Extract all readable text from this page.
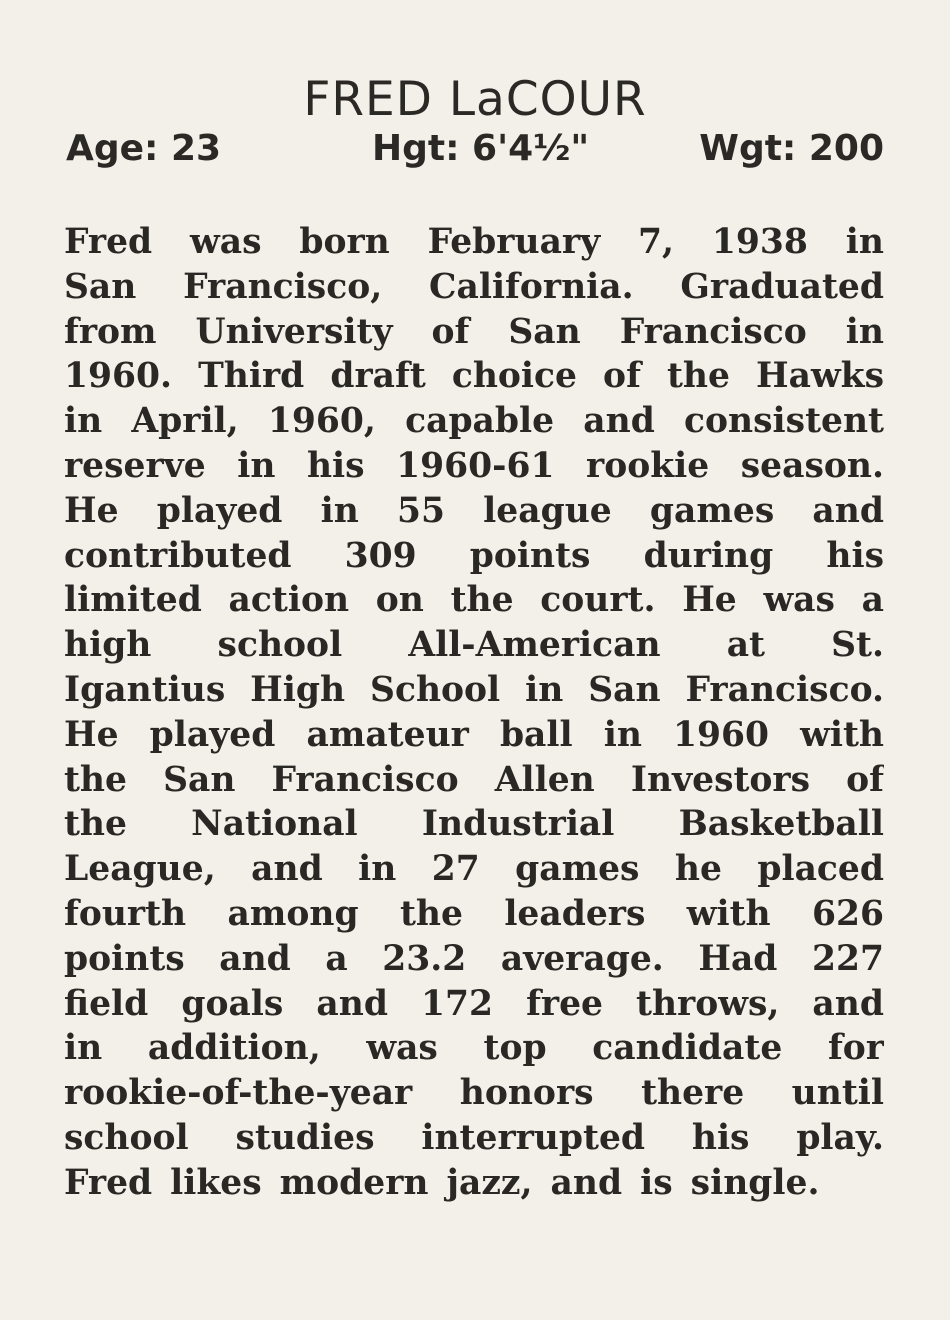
FRED LaCOUR
Age: 23	Hgt: 6'4½"	Wgt: 200
Fred was born February 7, 1938 in
San Francisco, California. Graduated
from University of San Francisco in
1960. Third draft choice of the Hawks
in April, 1960, capable and consistent
reserve in his 1960-61 rookie season.
He played in 55 league games and
contributed 309 points during his
limited action on the court. He was a
high school All-American at St.
Igantius High School in San Francisco.
He played amateur ball in 1960 with
the San Francisco Allen Investors of
the National Industrial Basketball
League, and in 27 games he placed
fourth among the leaders with 626
points and a 23.2 average. Had 227
field goals and 172 free throws, and
in addition, was top candidate for
rookie-of-the-year honors there until
school studies interrupted his play.
Fred likes modern jazz, and is single.
